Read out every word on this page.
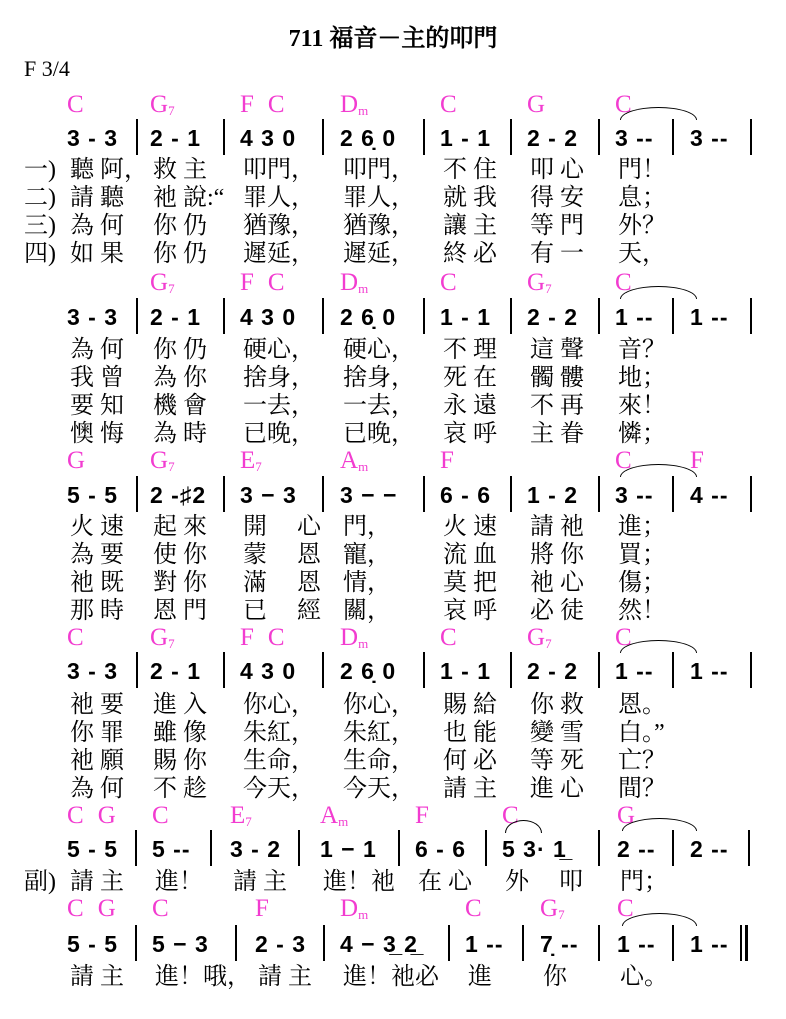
711 福音－主的叩門
F 3/4
一)
二)
三)
四)
C
3 - 3
聽 阿，
請 聽
為 何
如 果
$G_7$
2 - 1
救 主
祂 說:“
你 仍
你 仍
F C
4 3 0
叩門，
罪人，
猶豫，
遲延，
$D_m$
2 6̣ 0
叩門，
罪人，
猶豫，
遲延，
C
1 - 1
不 住
就 我
讓 主
終 必
G
2 - 2
叩 心
得 安
等 門
有 一
C
3 --
門！
息；
外？
天，
3 --
3 - 3
為 何
我 曾
要 知
懊 悔
$G_7$
2 - 1
你 仍
為 你
機 會
為 時
F C
4 3 0
硬心，
捨身，
一去，
已晚，
$D_m$
2 6̣ 0
硬心，
捨身，
一去，
已晚，
C
1 - 1
不 理
死 在
永 遠
哀 呼
$G_7$
2 - 2
這 聲
髑 髏
不 再
主 眷
C
1 --
音？
地；
來！
憐；
1 --
G
5 - 5
火 速
為 要
祂 既
那 時
$G_7$
2 -♯2
起 來
使 你
對 你
恩 門
$E_7$
3 − 3
開　 心
蒙　 恩
滿　 恩
已　 經
$A_m$
3 − −
門，
寵，
情，
關，
F
6 - 6
火 速
流 血
莫 把
哀 呼
1 - 2
請 祂
將 你
祂 心
必 徒
C
3 --
進；
買；
傷；
然！
F
4 --
C
3 - 3
祂 要
你 罪
祂 願
為 何
$G_7$
2 - 1
進 入
雖 像
賜 你
不 趁
F C
4 3 0
你心，
朱紅，
生命，
今天，
$D_m$
2 6̣ 0
你心，
朱紅，
生命，
今天，
C
1 - 1
賜 給
也 能
何 必
請 主
$G_7$
2 - 2
你 救
變 雪
等 死
進 心
C
1 --
恩。
白。”
亡？
間？
1 --
副)
C G
5 - 5
請 主
C
5 --
進！
$E_7$
3 - 2
請 主
$A_m$
1 − 1
進！祂
F
6 - 6
在 心
C
5 3· 1̲
外　 叩
G
2 --
門；
2 --
C G
5 - 5
請 主
C
5 − 3
進！哦，
F
2 - 3
請 主
$D_m$
4 − 3̲ 2̲
進！祂必
C
1 --
進
$G_7$
7̣ --
你
C
1 --
心。
1 --
